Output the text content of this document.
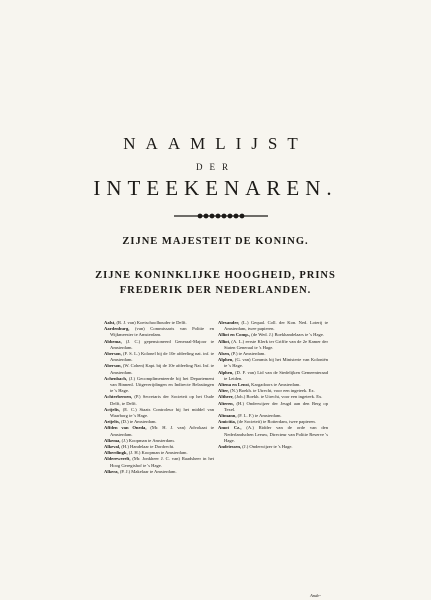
NAAMLIJST
DER
INTEEKENAREN.
ZIJNE MAJESTEIT DE KONING.
ZIJNE KONINKLIJKE HOOGHEID, PRINS
FREDERIK DER NEDERLANDEN.

Aalst, (R. J. van) Koetschoolhouder te Delft.

Aardenburg, (van) Commissaris van Politie en Wijkmeester te Amsterdam.

Abbema, (J. C.) gepensioneerd Generaal-Majoor te Amsterdam.

Aberson, (F. S. L.) Kolonel bij de 10e afdeeling nat. inf. te Amsterdam.

Aberson, (W. Cohen) Kapt. bij de 10e afdeeling Nat. Inf. te Amsterdam.

Achenbach, (J.) Gecomplimenteerde bij het Departement van Binnenl. Uitgeverijdingen en Indirecte Belastingen te 's Hage.

Achterberoen, (P.) Secretaris der Societeit op het Oude Delft, te Delft.

Actjelis, (E. C.) Staats Controleur bij het middel van Waarborg te 's Hage.

Aeijelts, (D.) te Amsterdam.

Affden van Oneda, (Mr. H. J. van) Advokaat te Amsterdam.

Alkema, (J.) Koopman te Amsterdam.

Alkeval, (H.) Handelaar te Dordrecht.

Alberdingk, (J. H.) Koopman te Amsterdam.

Alderewerelt, (Mr. Jonkheer J. C. van) Raadsheer in het Hoog Geregtshof te 's Hage.

Alkera, (P. J.) Makelaar te Amsterdam.

Alexander, (L.) Gequal. Coll. der Kon. Ned. Loterij te Amsterdam, twee papieren.

Alliot en Comp., (de Wed. J.) Boekhandelaars te 's Hage.

Alliot, (A. L.) eerste Klerk ter Griffie van de 2e Kamer der Staten Generaal te 's Hage.

Alsen, (P.) te Amsterdam.

Alphen, (G. van) Commis bij het Ministerie van Koloniën te 's Hage.

Alphen, (D. F. van) Lid van de Stedelijken Gemeenteraad te Leiden.

Altena en Lenst, Kargadoors te Amsterdam.

Alter, (N.) Boekh. te Utrecht, voor een ingeteek. Ex.

Altheer, (Joh.) Boekh. te Utrecht, voor een ingeteek. Ex.

Alteren, (H.) Onderwijzer der Jeugd aan den Berg op Texel.

Altmann, (F. L. F.) te Amsterdam.

Amicitia, (de Societeit) te Rotterdam, twee papieren.

Amot Cz., (A.) Ridder van de orde van den Nederlandschen Leeuw, Directeur van Politie Reserve 's Hage.

Andriessen, (J.) Onderwijzer te 's Hage.

Ande-
